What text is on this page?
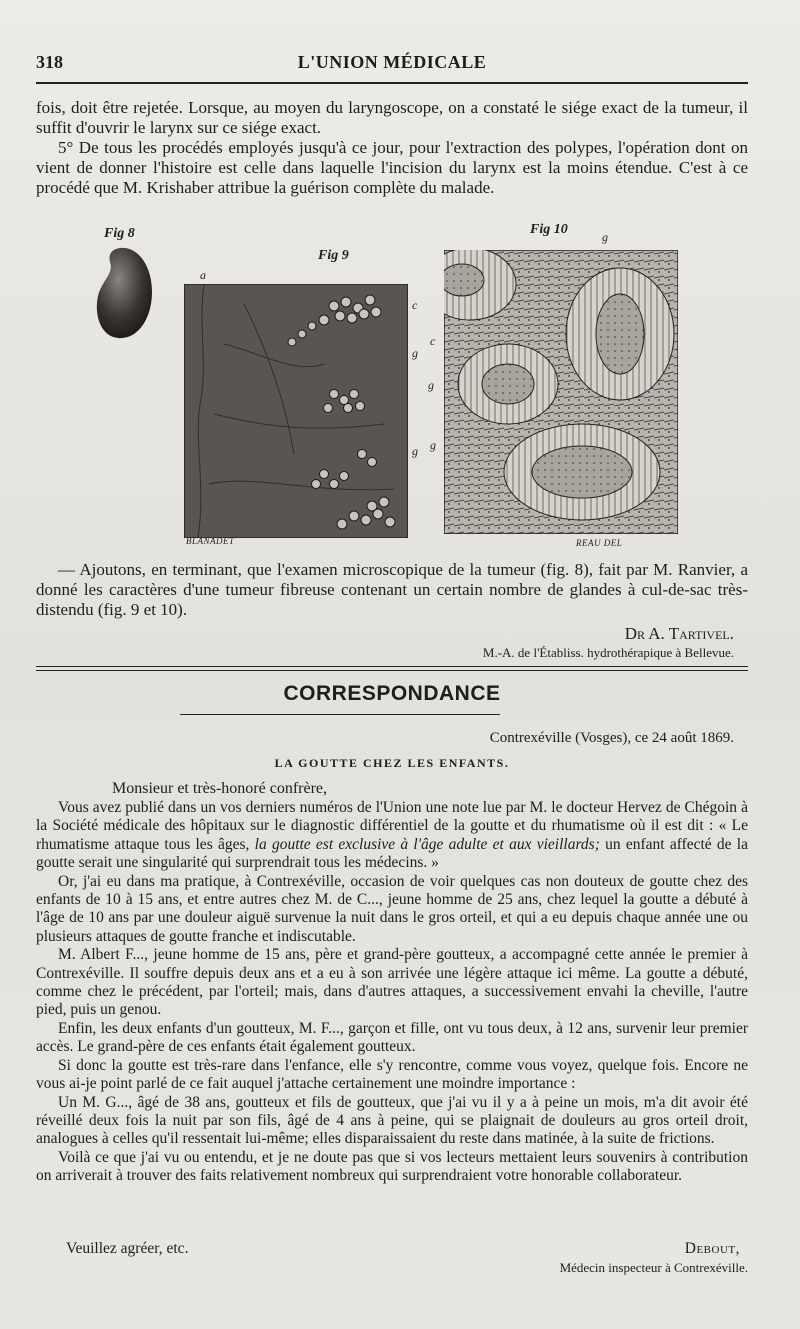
318	L'UNION MÉDICALE

fois, doit être rejetée. Lorsque, au moyen du laryngoscope, on a constaté le siége exact de la tumeur, il suffit d'ouvrir le larynx sur ce siége exact.

5° De tous les procédés employés jusqu'à ce jour, pour l'extraction des polypes, l'opération dont on vient de donner l'histoire est celle dans laquelle l'incision du larynx est la moins étendue. C'est à ce procédé que M. Krishaber attribue la guérison complète du malade.

Fig 8
Fig 9
a
c
g
g
BLANADET
Fig 10	g
c
g
g
REAU DEL

— Ajoutons, en terminant, que l'examen microscopique de la tumeur (fig. 8), fait par M. Ranvier, a donné les caractères d'une tumeur fibreuse contenant un certain nombre de glandes à cul-de-sac très-distendu (fig. 9 et 10).

Dr A. Tartivel.
M.-A. de l'Établiss. hydrothérapique à Bellevue.
CORRESPONDANCE
Contrexéville (Vosges), ce 24 août 1869.
LA GOUTTE CHEZ LES ENFANTS.
Monsieur et très-honoré confrère,

Vous avez publié dans un vos derniers numéros de l'Union une note lue par M. le docteur Hervez de Chégoin à la Société médicale des hôpitaux sur le diagnostic différentiel de la goutte et du rhumatisme où il est dit : « Le rhumatisme attaque tous les âges, la goutte est exclusive à l'âge adulte et aux vieillards; un enfant affecté de la goutte serait une singularité qui surprendrait tous les médecins. »

Or, j'ai eu dans ma pratique, à Contrexéville, occasion de voir quelques cas non douteux de goutte chez des enfants de 10 à 15 ans, et entre autres chez M. de C..., jeune homme de 25 ans, chez lequel la goutte a débuté à l'âge de 10 ans par une douleur aiguë survenue la nuit dans le gros orteil, et qui a eu depuis chaque année une ou plusieurs attaques de goutte franche et indiscutable.

M. Albert F..., jeune homme de 15 ans, père et grand-père goutteux, a accompagné cette année le premier à Contrexéville. Il souffre depuis deux ans et a eu à son arrivée une légère attaque ici même. La goutte a débuté, comme chez le précédent, par l'orteil; mais, dans d'autres attaques, a successivement envahi la cheville, l'autre pied, puis un genou.

Enfin, les deux enfants d'un goutteux, M. F..., garçon et fille, ont vu tous deux, à 12 ans, survenir leur premier accès. Le grand-père de ces enfants était également goutteux.

Si donc la goutte est très-rare dans l'enfance, elle s'y rencontre, comme vous voyez, quelque fois. Encore ne vous ai-je point parlé de ce fait auquel j'attache certainement une moindre importance :

Un M. G..., âgé de 38 ans, goutteux et fils de goutteux, que j'ai vu il y a à peine un mois, m'a dit avoir été réveillé deux fois la nuit par son fils, âgé de 4 ans à peine, qui se plaignait de douleurs au gros orteil droit, analogues à celles qu'il ressentait lui-même; elles disparaissaient du reste dans matinée, à la suite de frictions.

Voilà ce que j'ai vu ou entendu, et je ne doute pas que si vos lecteurs mettaient leurs souvenirs à contribution on arriverait à trouver des faits relativement nombreux qui surprendraient votre honorable collaborateur.

Veuillez agréer, etc.	Debout,
Médecin inspecteur à Contrexéville.
